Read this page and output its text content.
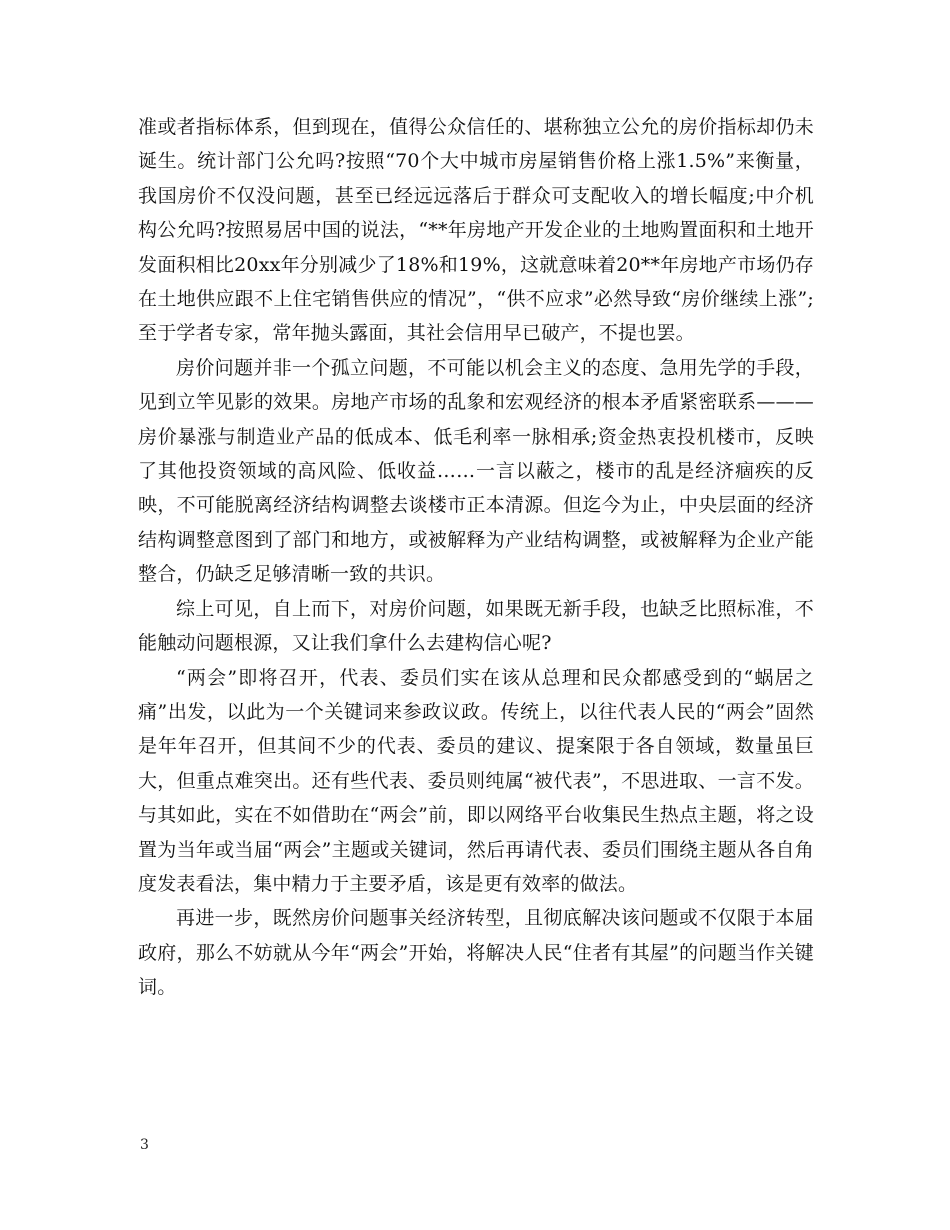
准或者指标体系，但到现在，值得公众信任的、堪称独立公允的房价指标却仍未诞生。统计部门公允吗?按照“70个大中城市房屋销售价格上涨1.5%”来衡量，我国房价不仅没问题，甚至已经远远落后于群众可支配收入的增长幅度;中介机构公允吗?按照易居中国的说法，“**年房地产开发企业的土地购置面积和土地开发面积相比20xx年分别减少了18%和19%，这就意味着20**年房地产市场仍存在土地供应跟不上住宅销售供应的情况”，“供不应求”必然导致“房价继续上涨”;至于学者专家，常年抛头露面，其社会信用早已破产，不提也罢。

房价问题并非一个孤立问题，不可能以机会主义的态度、急用先学的手段，见到立竿见影的效果。房地产市场的乱象和宏观经济的根本矛盾紧密联系———房价暴涨与制造业产品的低成本、低毛利率一脉相承;资金热衷投机楼市，反映了其他投资领域的高风险、低收益……一言以蔽之，楼市的乱是经济痼疾的反映，不可能脱离经济结构调整去谈楼市正本清源。但迄今为止，中央层面的经济结构调整意图到了部门和地方，或被解释为产业结构调整，或被解释为企业产能整合，仍缺乏足够清晰一致的共识。

综上可见，自上而下，对房价问题，如果既无新手段，也缺乏比照标准，不能触动问题根源，又让我们拿什么去建构信心呢?

“两会”即将召开，代表、委员们实在该从总理和民众都感受到的“蜗居之痛”出发，以此为一个关键词来参政议政。传统上，以往代表人民的“两会”固然是年年召开，但其间不少的代表、委员的建议、提案限于各自领域，数量虽巨大，但重点难突出。还有些代表、委员则纯属“被代表”，不思进取、一言不发。与其如此，实在不如借助在“两会”前，即以网络平台收集民生热点主题，将之设置为当年或当届“两会”主题或关键词，然后再请代表、委员们围绕主题从各自角度发表看法，集中精力于主要矛盾，该是更有效率的做法。

再进一步，既然房价问题事关经济转型，且彻底解决该问题或不仅限于本届政府，那么不妨就从今年“两会”开始，将解决人民“住者有其屋”的问题当作关键词。

3
